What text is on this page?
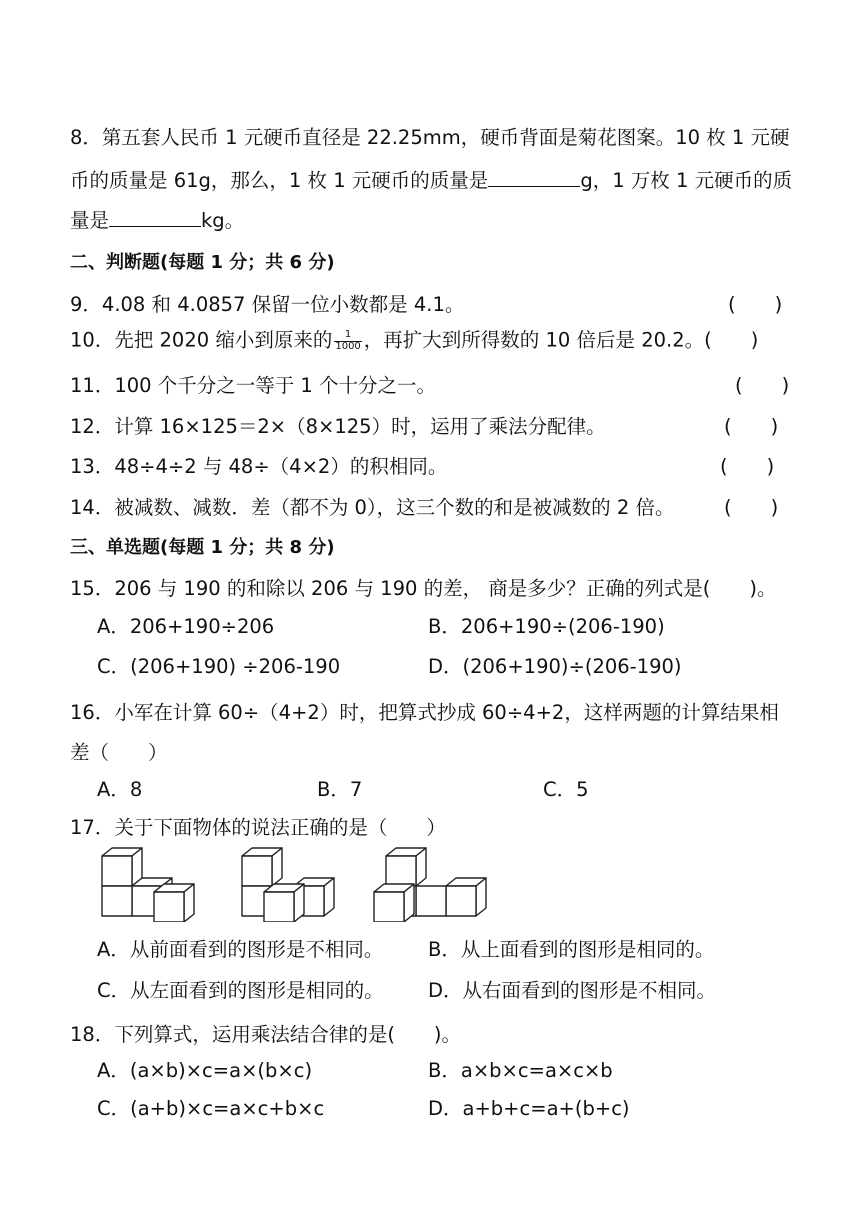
8．第五套人民币 1 元硬币直径是 22.25mm，硬币背面是菊花图案。10 枚 1 元硬
币的质量是 61g，那么，1 枚 1 元硬币的质量是	g，1 万枚 1 元硬币的质
量是	kg。
二、判断题(每题 1 分；共 6 分)
9．4.08 和 4.0857 保留一位小数都是 4.1。	(　　)
10．先把 2020 缩小到原来的 $\frac{1}{1000}$ ，再扩大到所得数的 10 倍后是 20.2。(　　)
11．100 个千分之一等于 1 个十分之一。	(　　)
12．计算 16×125＝2×（8×125）时，运用了乘法分配律。	(　　)
13．48÷4÷2 与 48÷（4×2）的积相同。	(　　)
14．被减数、减数．差（都不为 0），这三个数的和是被减数的 2 倍。	(　　)
三、单选题(每题 1 分；共 8 分)
15．206 与 190 的和除以 206 与 190 的差， 商是多少？正确的列式是(　　)。
A．206+190÷206	B．206+190÷(206-190)
C．(206+190) ÷206-190	D．(206+190)÷(206-190)
16．小军在计算 60÷（4+2）时，把算式抄成 60÷4+2，这样两题的计算结果相
差（　　）
A．8	B．7	C．5
17．关于下面物体的说法正确的是（　　）
A．从前面看到的图形是不相同。 B．从上面看到的图形是相同的。
C．从左面看到的图形是相同的。 D．从右面看到的图形是不相同。
18．下列算式，运用乘法结合律的是(　　)。
A．(a×b)×c=a×(b×c)	B．a×b×c=a×c×b
C．(a+b)×c=a×c+b×c	D．a+b+c=a+(b+c)
